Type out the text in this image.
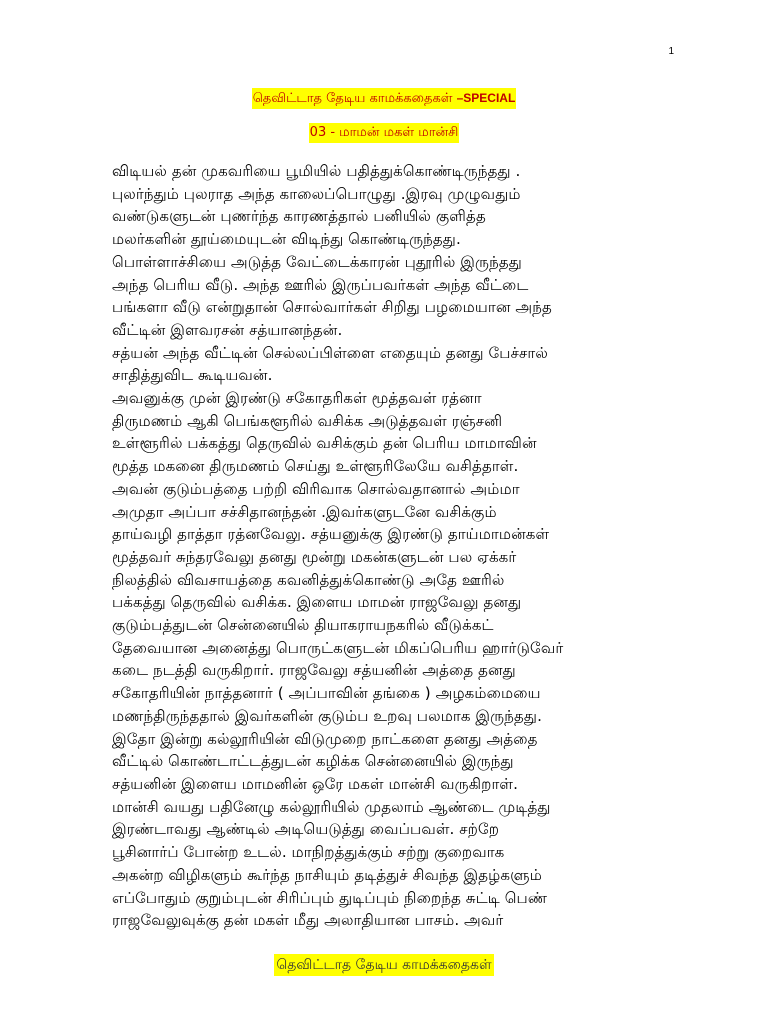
1
தெவிட்டாத தேடிய காமக்கதைகள் –SPECIAL
03 - மாமன் மகள் மான்சி
விடியல் தன் முகவரியை பூமியில் பதித்துக்கொண்டிருந்தது .
புலர்ந்தும் புலராத அந்த காலைப்பொழுது .இரவு முழுவதும்
வண்டுகளுடன் புணர்ந்த காரணத்தால் பனியில் குளித்த
மலர்களின் தூய்மையுடன் விடிந்து கொண்டிருந்தது.
பொள்ளாச்சியை அடுத்த வேட்டைக்காரன் புதூரில் இருந்தது
அந்த பெரிய வீடு. அந்த ஊரில் இருப்பவர்கள் அந்த வீட்டை
பங்களா வீடு என்றுதான் சொல்வார்கள் சிறிது பழமையான அந்த
வீட்டின் இளவரசன் சத்யானந்தன்.
சத்யன் அந்த வீட்டின் செல்லப்பிள்ளை எதையும் தனது பேச்சால்
சாதித்துவிட கூடியவன்.
அவனுக்கு முன் இரண்டு சகோதரிகள் மூத்தவள் ரத்னா
திருமணம் ஆகி பெங்களூரில் வசிக்க அடுத்தவள் ரஞ்சனி
உள்ளூரில் பக்கத்து தெருவில் வசிக்கும் தன் பெரிய மாமாவின்
மூத்த மகனை திருமணம் செய்து உள்ளூரிலேயே வசித்தாள்.
அவன் குடும்பத்தை பற்றி விரிவாக சொல்வதானால் அம்மா
அமுதா அப்பா சச்சிதானந்தன் .இவர்களுடனே வசிக்கும்
தாய்வழி தாத்தா ரத்னவேலு. சத்யனுக்கு இரண்டு தாய்மாமன்கள்
மூத்தவர் சுந்தரவேலு தனது மூன்று மகன்களுடன் பல ஏக்கர்
நிலத்தில் விவசாயத்தை கவனித்துக்கொண்டு அதே ஊரில்
பக்கத்து தெருவில் வசிக்க. இளைய மாமன் ராஜவேலு தனது
குடும்பத்துடன் சென்னையில் தியாகராயநகரில் வீடுக்கட்
தேவையான அனைத்து பொருட்களுடன் மிகப்பெரிய ஹார்டுவேர்
கடை நடத்தி வருகிறார். ராஜவேலு சத்யனின் அத்தை தனது
சகோதரியின் நாத்தனார் ( அப்பாவின் தங்கை ) அழகம்மையை
மணந்திருந்ததால் இவர்களின் குடும்ப உறவு பலமாக இருந்தது.
இதோ இன்று கல்லூரியின் விடுமுறை நாட்களை தனது அத்தை
வீட்டில் கொண்டாட்டத்துடன் கழிக்க சென்னையில் இருந்து
சத்யனின் இளைய மாமனின் ஒரே மகள் மான்சி வருகிறாள்.
மான்சி வயது பதினேழு கல்லூரியில் முதலாம் ஆண்டை முடித்து
இரண்டாவது ஆண்டில் அடியெடுத்து வைப்பவள். சற்றே
பூசினார்ப் போன்ற உடல். மாநிறத்துக்கும் சற்று குறைவாக
அகன்ற விழிகளும் கூர்ந்த நாசியும் தடித்துச் சிவந்த இதழ்களும்
எப்போதும் குறும்புடன் சிரிப்பும் துடிப்பும் நிறைந்த சுட்டி பெண்
ராஜவேலுவுக்கு தன் மகள் மீது அலாதியான பாசம். அவர்
தெவிட்டாத தேடிய காமக்கதைகள்
